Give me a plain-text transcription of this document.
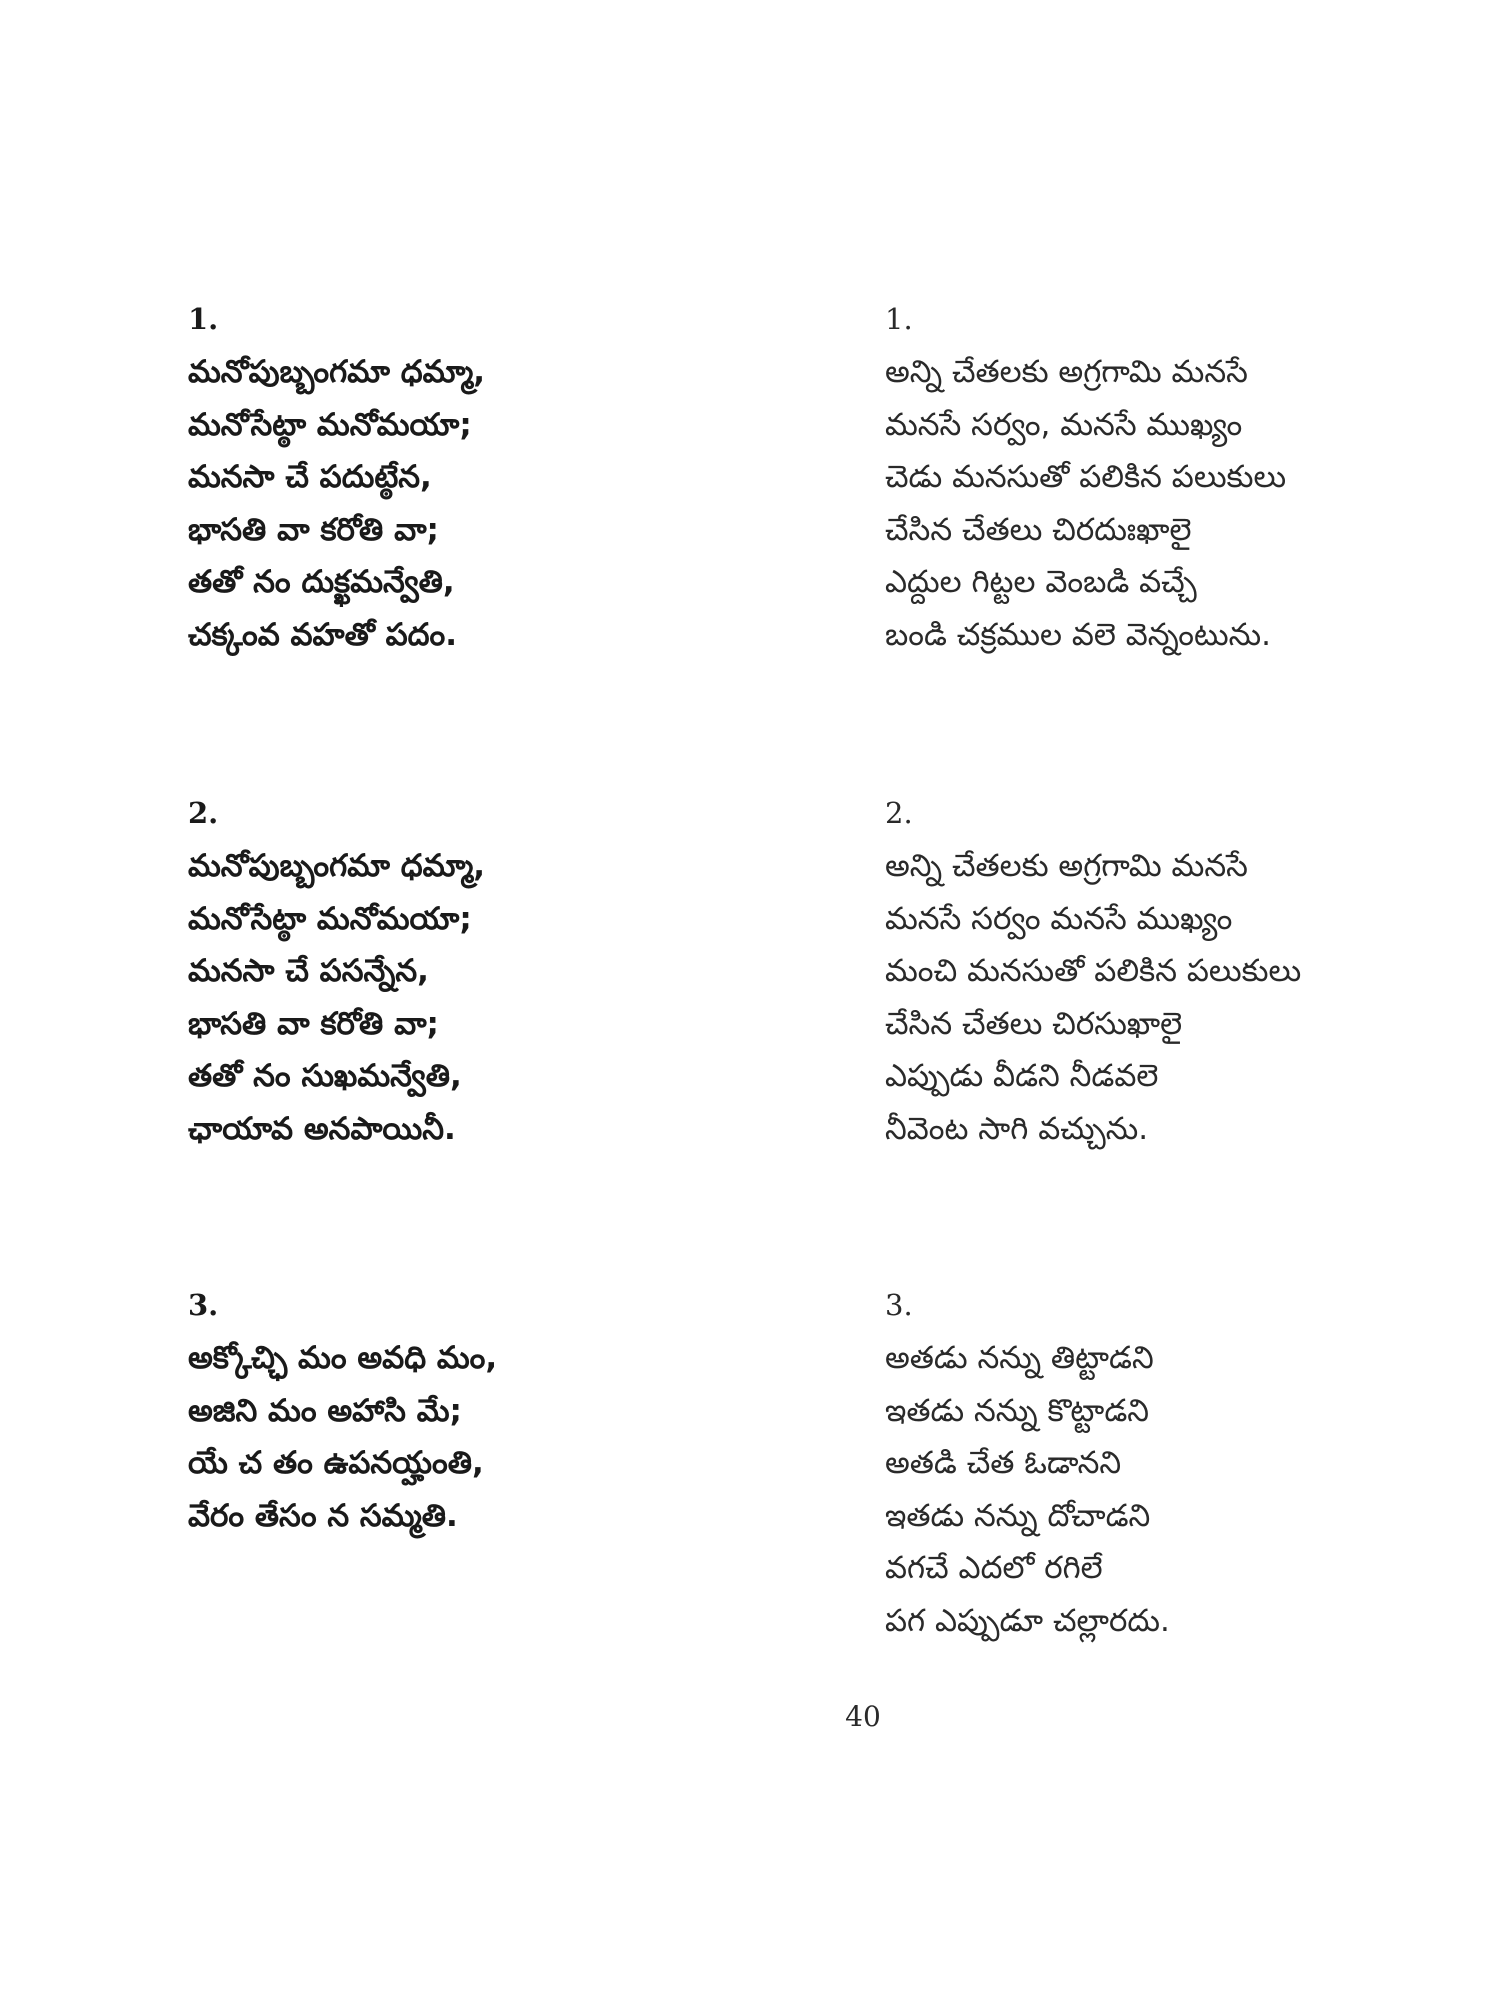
1.
మనోపుబ్బంగమా ధమ్మా,
మనోసేట్ఠా మనోమయా;
మనసా చే పదుట్ఠేన,
భాసతి వా కరోతి వా;
తతో నం దుక్ఖమన్వేతి,
చక్కంవ వహతో పదం.
1.
అన్ని చేతలకు అగ్రగామి మనసే
మనసే సర్వం, మనసే ముఖ్యం
చెడు మనసుతో పలికిన పలుకులు
చేసిన చేతలు చిరదుఃఖాలై
ఎద్దుల గిట్టల వెంబడి వచ్చే
బండి చక్రముల వలె వెన్నంటును.
2.
మనోపుబ్బంగమా ధమ్మా,
మనోసేట్ఠా మనోమయా;
మనసా చే పసన్నేన,
భాసతి వా కరోతి వా;
తతో నం సుఖమన్వేతి,
ఛాయావ అనపాయినీ.
2.
అన్ని చేతలకు అగ్రగామి మనసే
మనసే సర్వం మనసే ముఖ్యం
మంచి మనసుతో పలికిన పలుకులు
చేసిన చేతలు చిరసుఖాలై
ఎప్పుడు వీడని నీడవలె
నీవెంట సాగి వచ్చును.
3.
అక్కోచ్ఛి మం అవధి మం,
అజిని మం అహాసి మే;
యే చ తం ఉపనయ్హంతి,
వేరం తేసం న సమ్మతి.
3.
అతడు నన్ను తిట్టాడని
ఇతడు నన్ను కొట్టాడని
అతడి చేత ఓడానని
ఇతడు నన్ను దోచాడని
వగచే ఎదలో రగిలే
పగ ఎప్పుడూ చల్లారదు.
40
